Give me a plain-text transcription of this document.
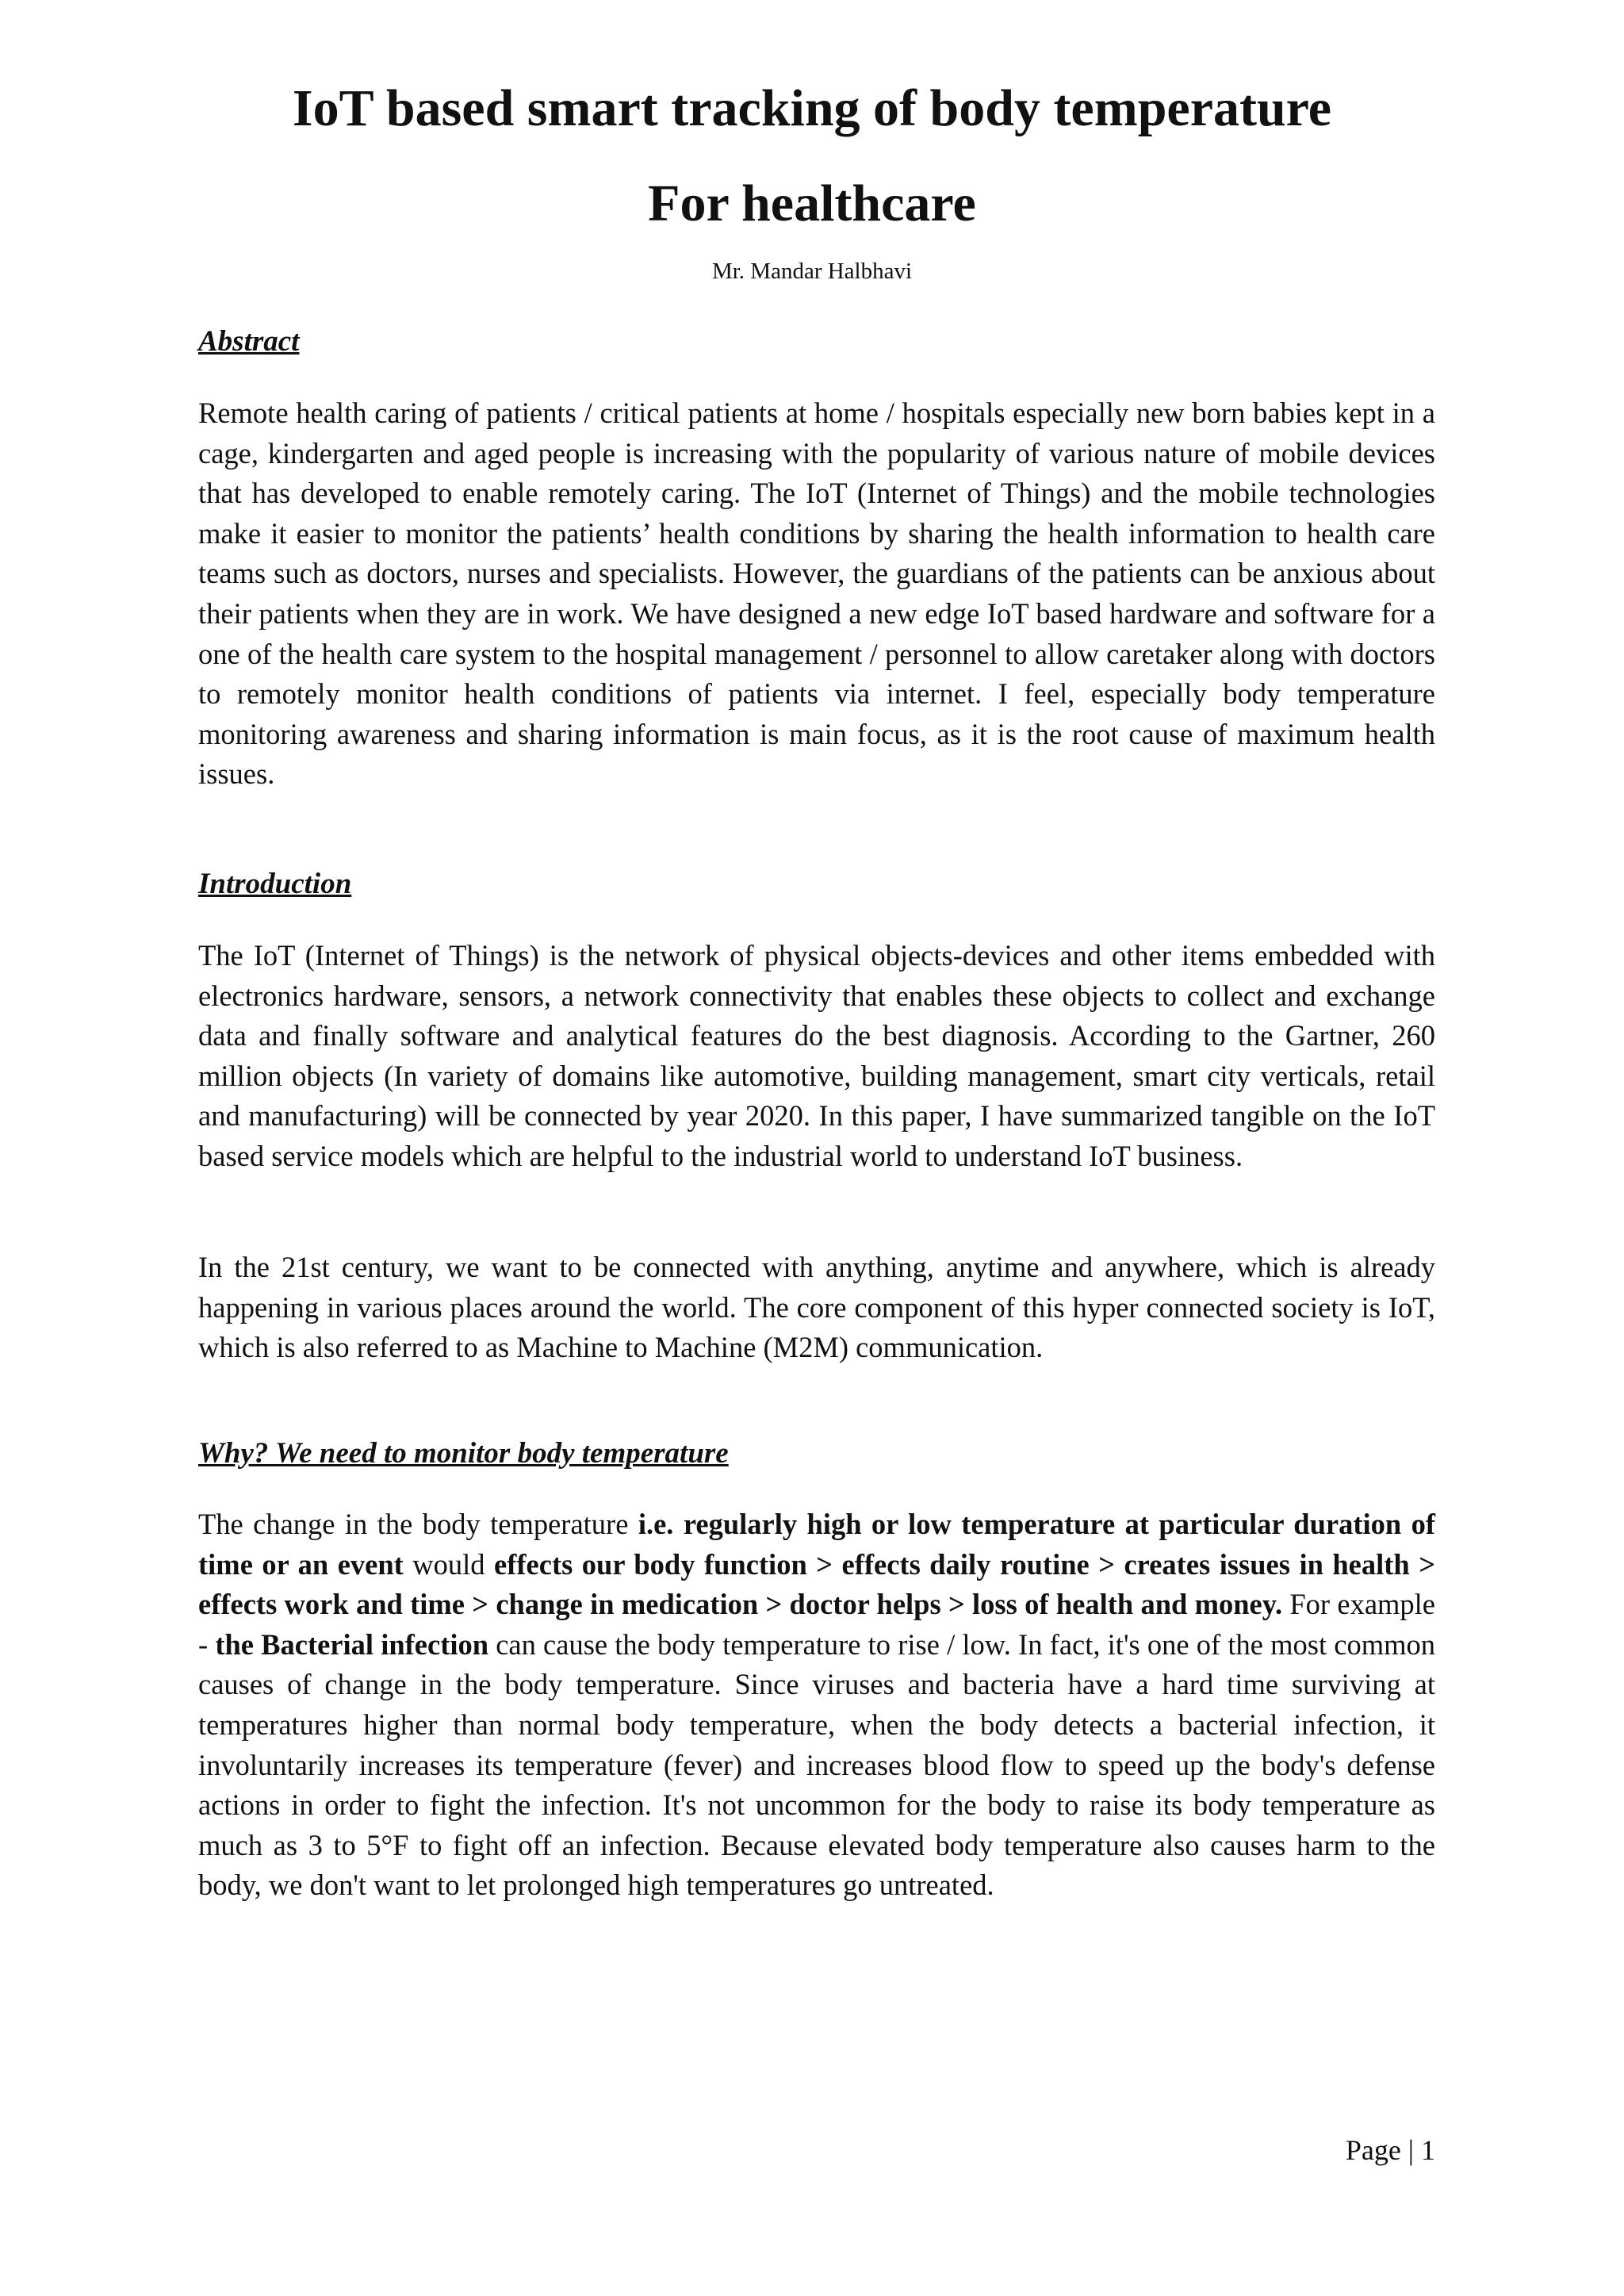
IoT based smart tracking of body temperature
For healthcare

Mr. Mandar Halbhavi

Abstract

Remote health caring of patients / critical patients at home / hospitals especially new born babies kept in a cage, kindergarten and aged people is increasing with the popularity of various nature of mobile devices that has developed to enable remotely caring. The IoT (Internet of Things) and the mobile technologies make it easier to monitor the patients’ health conditions by sharing the health information to health care teams such as doctors, nurses and specialists. However, the guardians of the patients can be anxious about their patients when they are in work. We have designed a new edge IoT based hardware and software for a one of the health care system to the hospital management / personnel to allow caretaker along with doctors to remotely monitor health conditions of patients via internet. I feel, especially body temperature monitoring awareness and sharing information is main focus, as it is the root cause of maximum health issues.

Introduction

The IoT (Internet of Things) is the network of physical objects-devices and other items embedded with electronics hardware, sensors, a network connectivity that enables these objects to collect and exchange data and finally software and analytical features do the best diagnosis. According to the Gartner, 260 million objects (In variety of domains like automotive, building management, smart city verticals, retail and manufacturing) will be connected by year 2020. In this paper, I have summarized tangible on the IoT based service models which are helpful to the industrial world to understand IoT business.

In the 21st century, we want to be connected with anything, anytime and anywhere, which is already happening in various places around the world. The core component of this hyper connected society is IoT, which is also referred to as Machine to Machine (M2M) communication.

Why? We need to monitor body temperature

The change in the body temperature i.e. regularly high or low temperature at particular duration of time or an event would effects our body function > effects daily routine > creates issues in health > effects work and time > change in medication > doctor helps > loss of health and money. For example - the Bacterial infection can cause the body temperature to rise / low. In fact, it's one of the most common causes of change in the body temperature. Since viruses and bacteria have a hard time surviving at temperatures higher than normal body temperature, when the body detects a bacterial infection, it involuntarily increases its temperature (fever) and increases blood flow to speed up the body's defense actions in order to fight the infection. It's not uncommon for the body to raise its body temperature as much as 3 to 5°F to fight off an infection. Because elevated body temperature also causes harm to the body, we don't want to let prolonged high temperatures go untreated.

Page | 1
